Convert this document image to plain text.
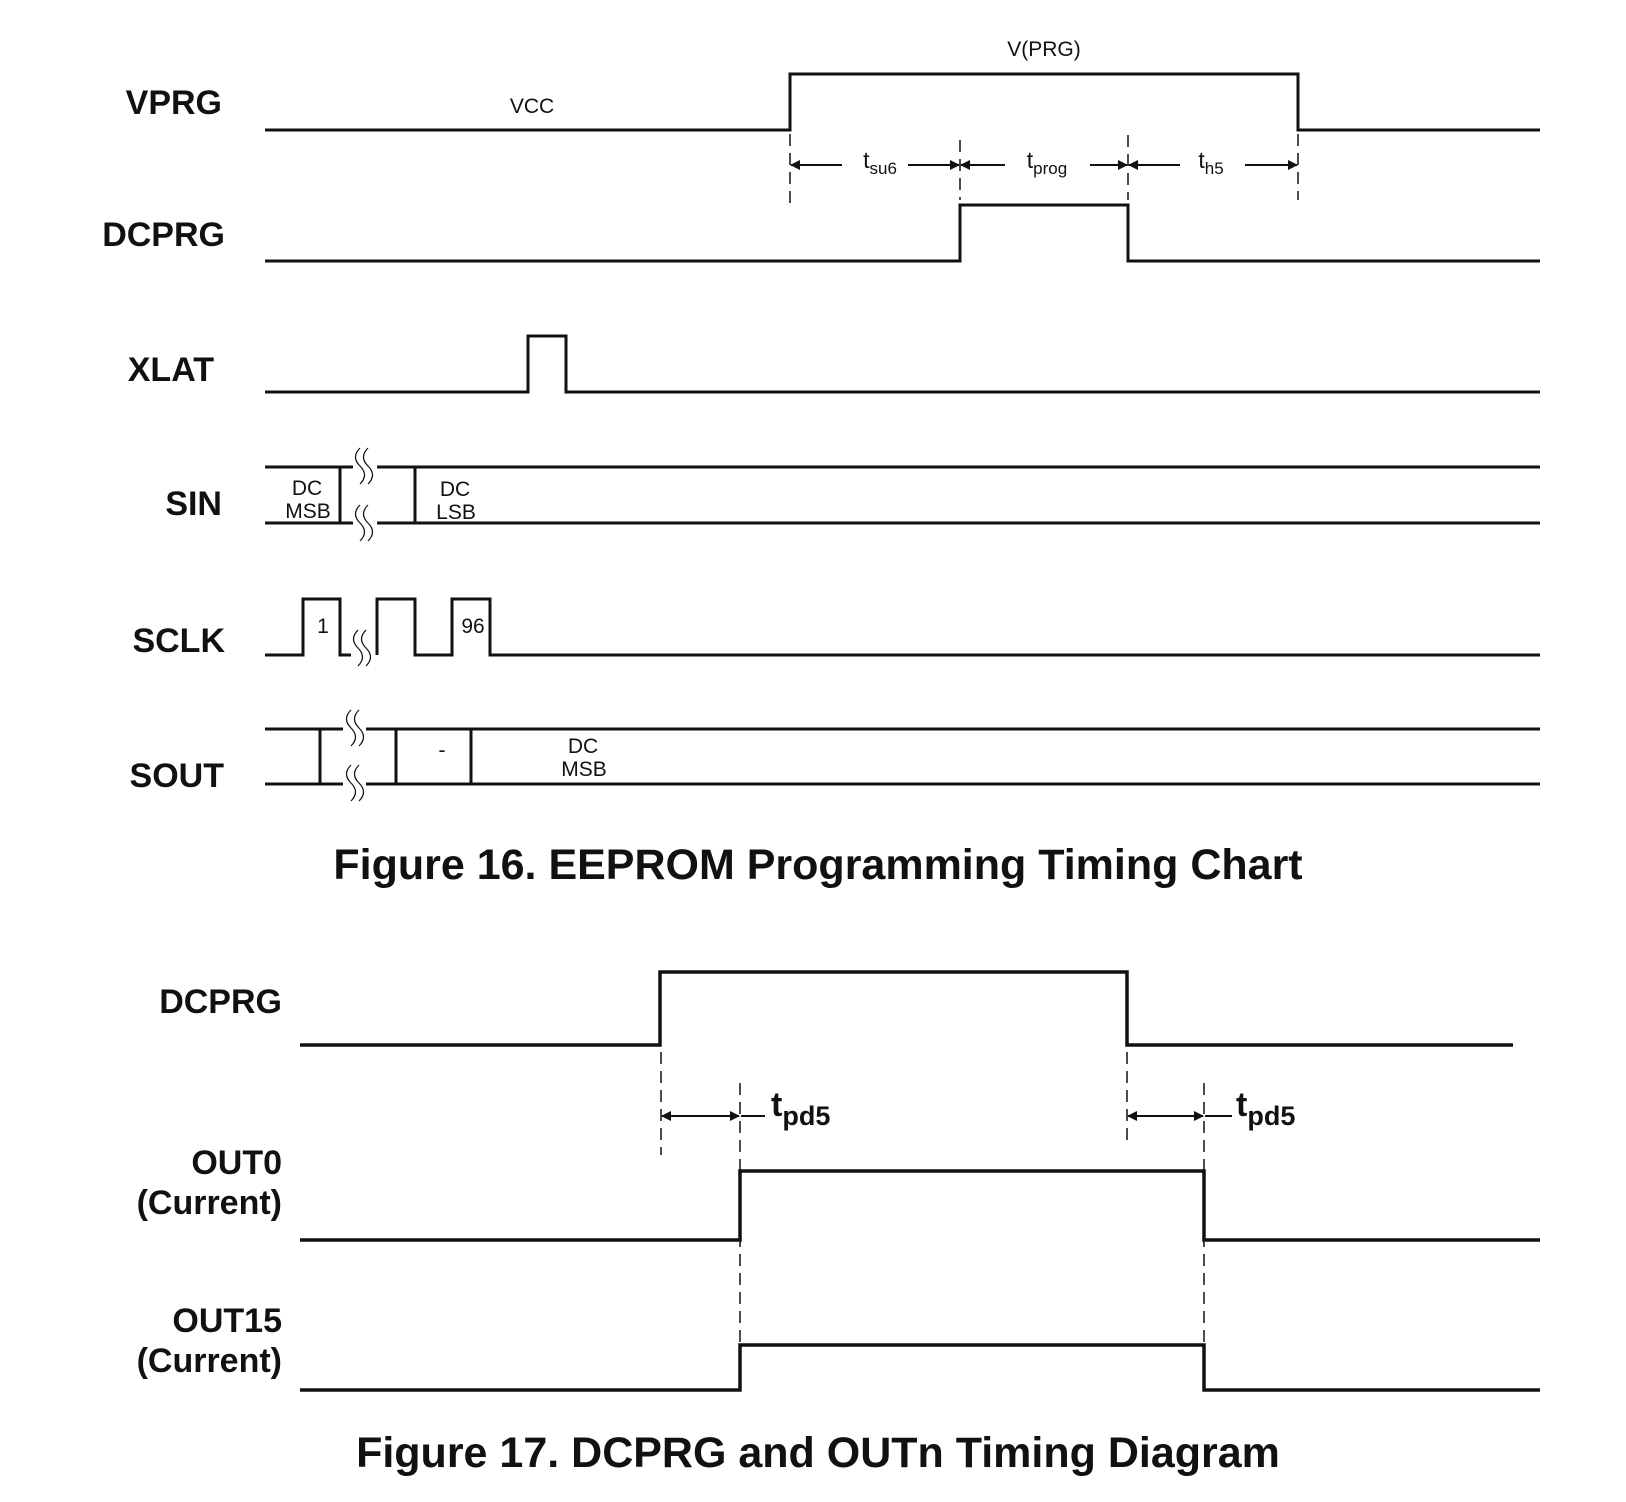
VPRG
DCPRG
XLAT
SIN
SCLK
SOUT
VCC
V(PRG)
$t_{su6}$	$t_{prog}$	$t_{h5}$
DC
MSB
DC
LSB
1	96
-	DC
MSB
Figure 16. EEPROM Programming Timing Chart
DCPRG
OUT0
(Current)
OUT15
(Current)
$t_{pd5}$	$t_{pd5}$
Figure 17. DCPRG and OUTn Timing Diagram
